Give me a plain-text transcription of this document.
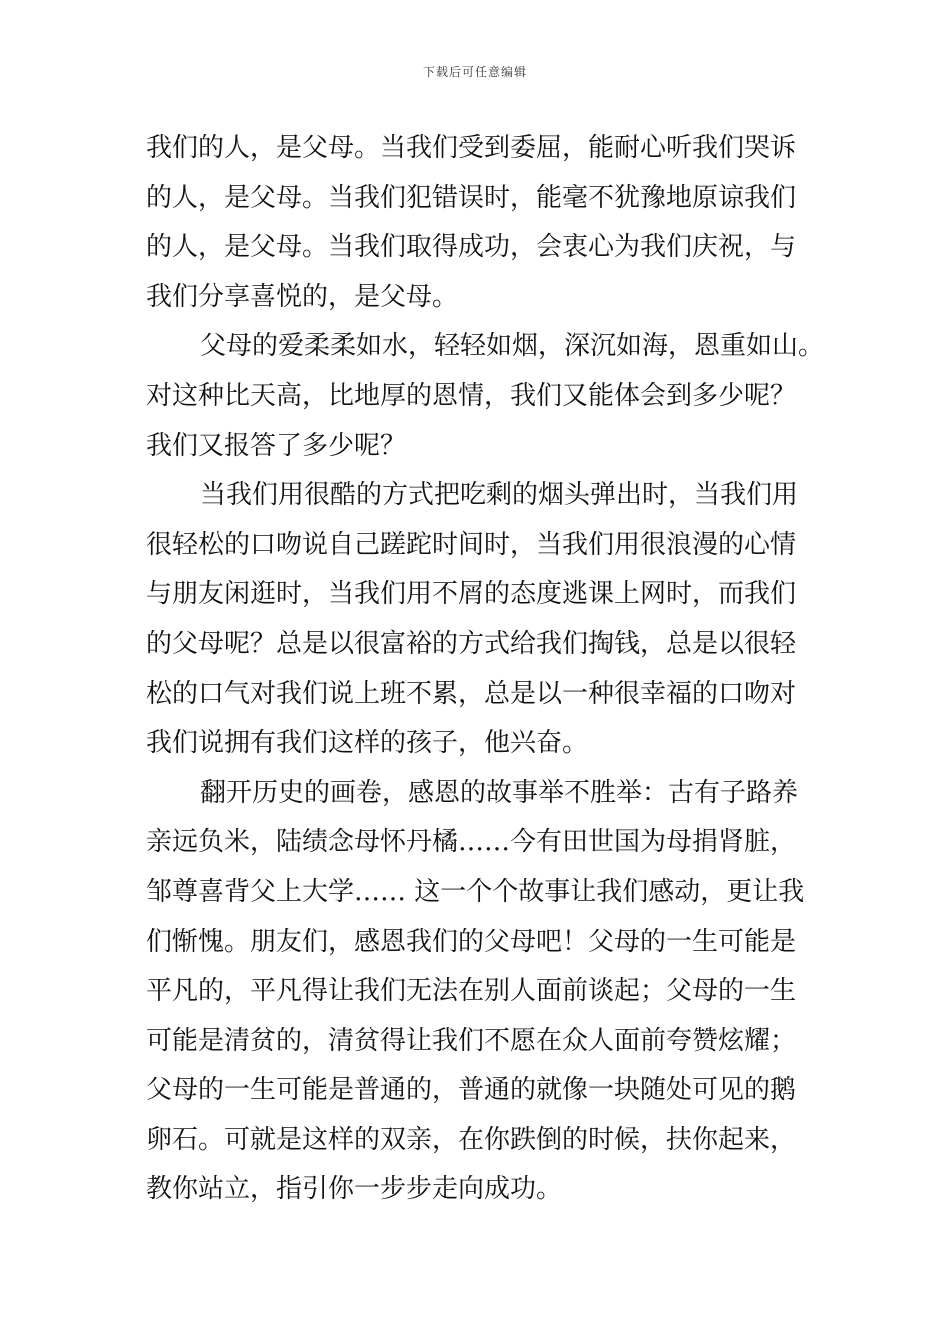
下载后可任意编辑
我们的人，是父母。当我们受到委屈，能耐心听我们哭诉
的人，是父母。当我们犯错误时，能毫不犹豫地原谅我们
的人，是父母。当我们取得成功，会衷心为我们庆祝，与
我们分享喜悦的，是父母。
父母的爱柔柔如水，轻轻如烟，深沉如海，恩重如山。
对这种比天高，比地厚的恩情，我们又能体会到多少呢？
我们又报答了多少呢？
当我们用很酷的方式把吃剩的烟头弹出时，当我们用
很轻松的口吻说自己蹉跎时间时，当我们用很浪漫的心情
与朋友闲逛时，当我们用不屑的态度逃课上网时，而我们
的父母呢？总是以很富裕的方式给我们掏钱，总是以很轻
松的口气对我们说上班不累，总是以一种很幸福的口吻对
我们说拥有我们这样的孩子，他兴奋。
翻开历史的画卷，感恩的故事举不胜举：古有子路养
亲远负米，陆绩念母怀丹橘……今有田世国为母捐肾脏，
邹尊喜背父上大学…… 这一个个故事让我们感动，更让我
们惭愧。朋友们，感恩我们的父母吧！父母的一生可能是
平凡的，平凡得让我们无法在别人面前谈起；父母的一生
可能是清贫的，清贫得让我们不愿在众人面前夸赞炫耀；
父母的一生可能是普通的，普通的就像一块随处可见的鹅
卵石。可就是这样的双亲，在你跌倒的时候，扶你起来，
教你站立，指引你一步步走向成功。
